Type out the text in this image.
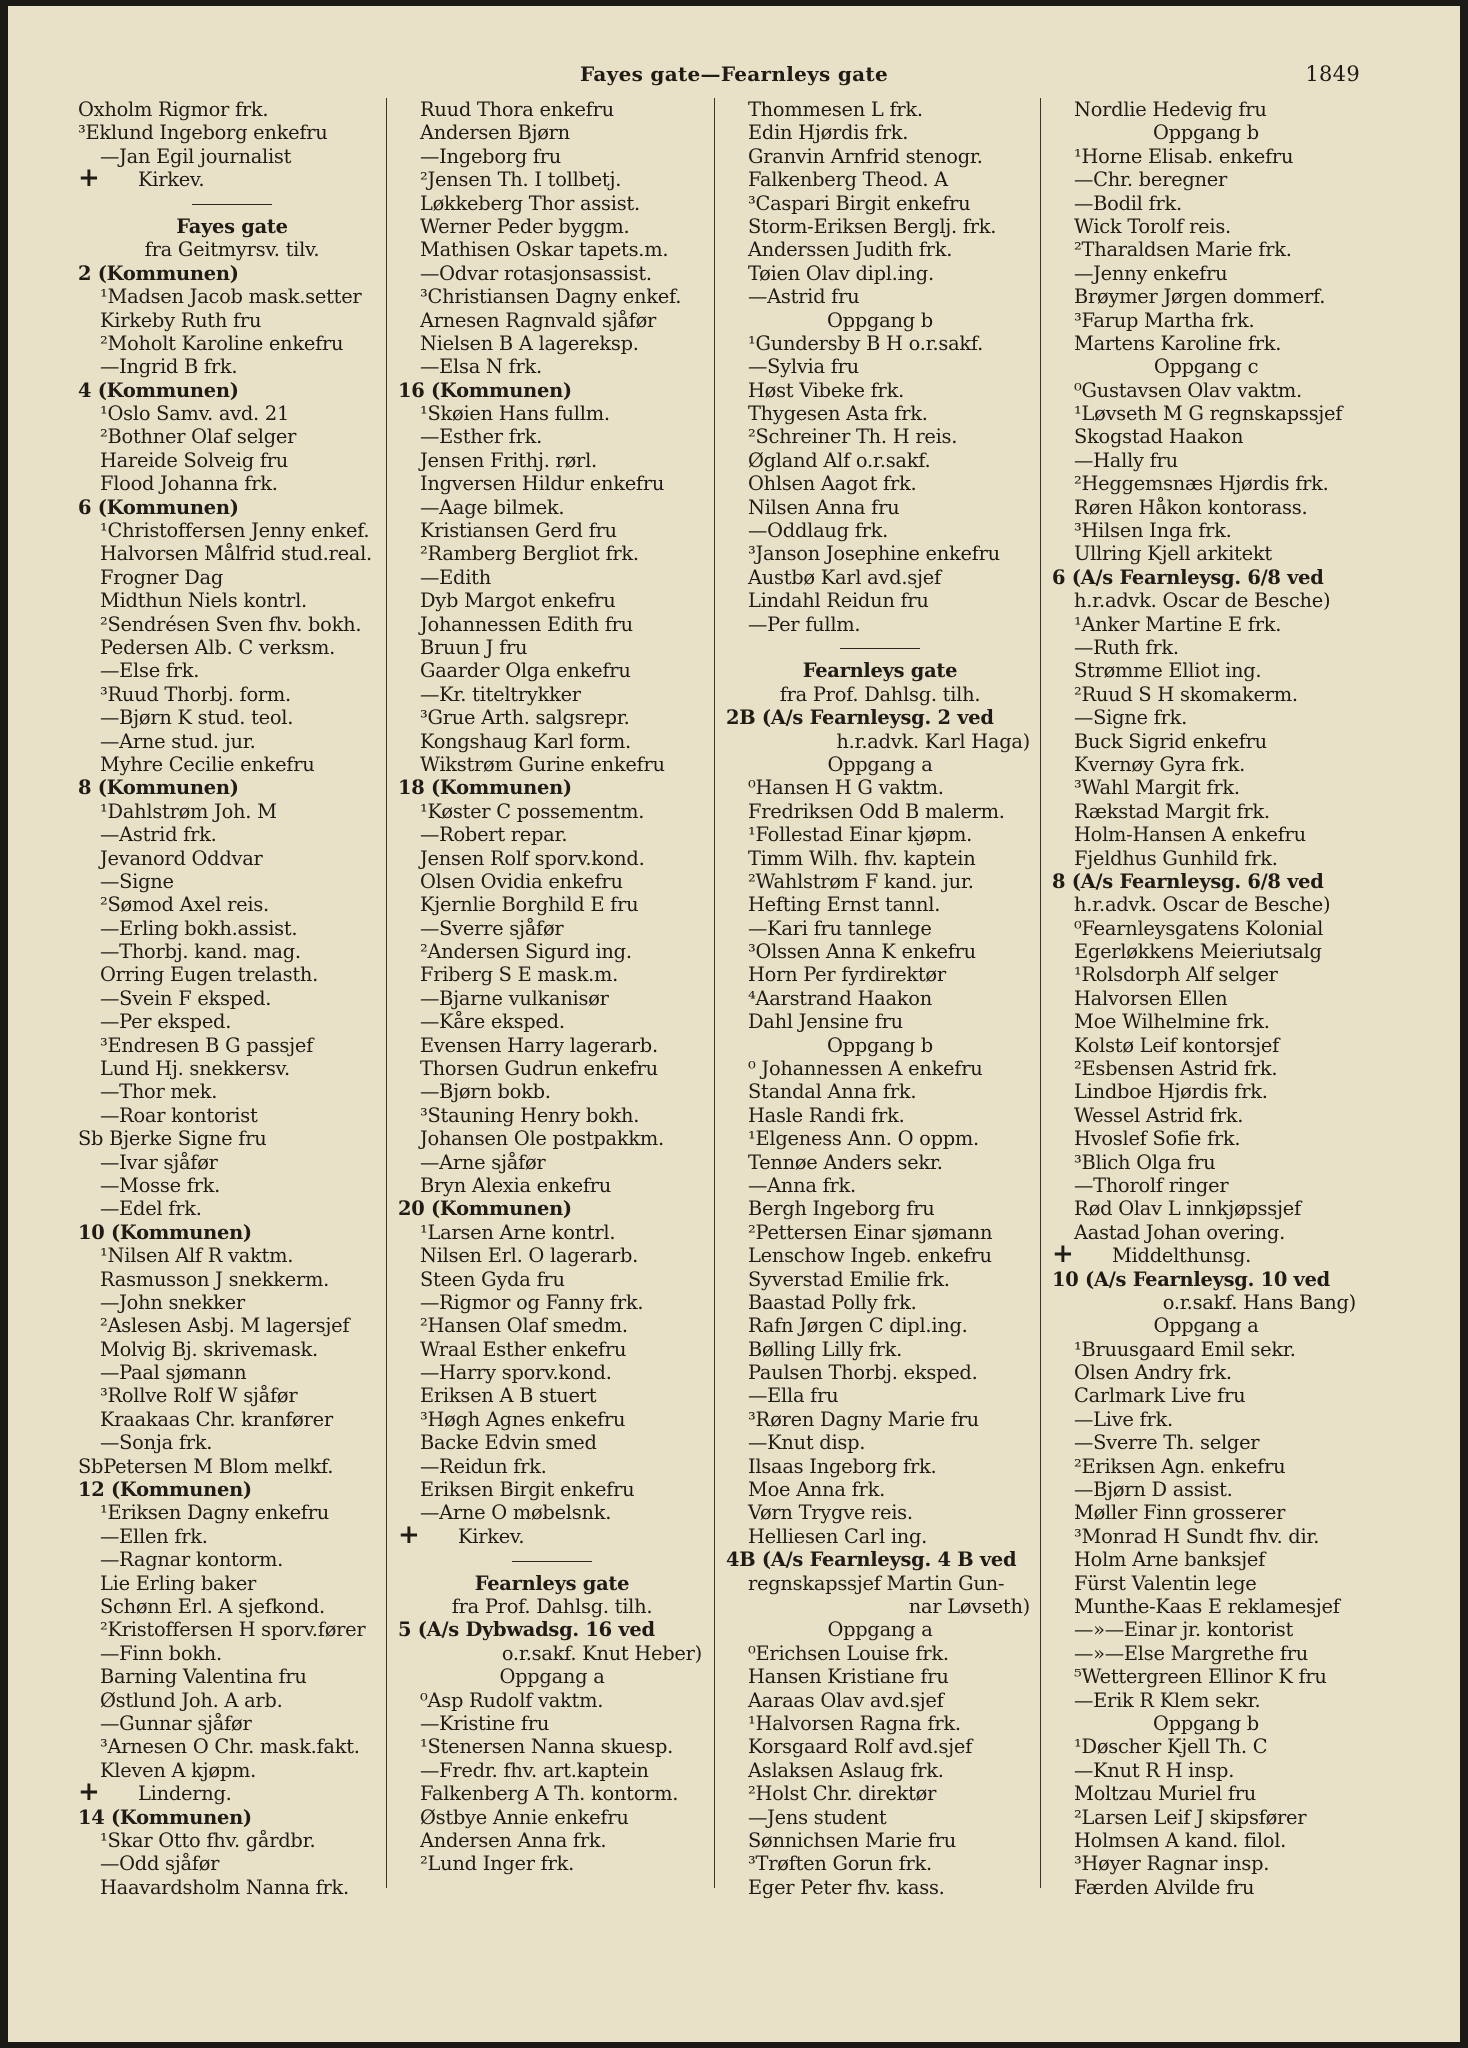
Fayes gate—Fearnleys gate	1849
Oxholm Rigmor frk.
³Eklund Ingeborg enkefru
—Jan Egil journalist
+ Kirkev.
Fayes gate
fra Geitmyrsv. tilv.
2 (Kommunen)
¹Madsen Jacob mask.setter
Kirkeby Ruth fru
²Moholt Karoline enkefru
—Ingrid B frk.
4 (Kommunen)
¹Oslo Samv. avd. 21
²Bothner Olaf selger
Hareide Solveig fru
Flood Johanna frk.
6 (Kommunen)
¹Christoffersen Jenny enkef.
Halvorsen Målfrid stud.real.
Frogner Dag
Midthun Niels kontrl.
²Sendrésen Sven fhv. bokh.
Pedersen Alb. C verksm.
—Else frk.
³Ruud Thorbj. form.
—Bjørn K stud. teol.
—Arne stud. jur.
Myhre Cecilie enkefru
8 (Kommunen)
¹Dahlstrøm Joh. M
—Astrid frk.
Jevanord Oddvar
—Signe
²Sømod Axel reis.
—Erling bokh.assist.
—Thorbj. kand. mag.
Orring Eugen trelasth.
—Svein F eksped.
—Per eksped.
³Endresen B G passjef
Lund Hj. snekkersv.
—Thor mek.
—Roar kontorist
Sb Bjerke Signe fru
—Ivar sjåfør
—Mosse frk.
—Edel frk.
10 (Kommunen)
¹Nilsen Alf R vaktm.
Rasmusson J snekkerm.
—John snekker
²Aslesen Asbj. M lagersjef
Molvig Bj. skrivemask.
—Paal sjømann
³Rollve Rolf W sjåfør
Kraakaas Chr. kranfører
—Sonja frk.
SbPetersen M Blom melkf.
12 (Kommunen)
¹Eriksen Dagny enkefru
—Ellen frk.
—Ragnar kontorm.
Lie Erling baker
Schønn Erl. A sjefkond.
²Kristoffersen H sporv.fører
—Finn bokh.
Barning Valentina fru
Østlund Joh. A arb.
—Gunnar sjåfør
³Arnesen O Chr. mask.fakt.
Kleven A kjøpm.
+ Linderng.
14 (Kommunen)
¹Skar Otto fhv. gårdbr.
—Odd sjåfør
Haavardsholm Nanna frk.
Ruud Thora enkefru
Andersen Bjørn
—Ingeborg fru
²Jensen Th. I tollbetj.
Løkkeberg Thor assist.
Werner Peder byggm.
Mathisen Oskar tapets.m.
—Odvar rotasjonsassist.
³Christiansen Dagny enkef.
Arnesen Ragnvald sjåfør
Nielsen B A lagereksp.
—Elsa N frk.
16 (Kommunen)
¹Skøien Hans fullm.
—Esther frk.
Jensen Frithj. rørl.
Ingversen Hildur enkefru
—Aage bilmek.
Kristiansen Gerd fru
²Ramberg Bergliot frk.
—Edith
Dyb Margot enkefru
Johannessen Edith fru
Bruun J fru
Gaarder Olga enkefru
—Kr. titeltrykker
³Grue Arth. salgsrepr.
Kongshaug Karl form.
Wikstrøm Gurine enkefru
18 (Kommunen)
¹Køster C possementm.
—Robert repar.
Jensen Rolf sporv.kond.
Olsen Ovidia enkefru
Kjernlie Borghild E fru
—Sverre sjåfør
²Andersen Sigurd ing.
Friberg S E mask.m.
—Bjarne vulkanisør
—Kåre eksped.
Evensen Harry lagerarb.
Thorsen Gudrun enkefru
—Bjørn bokb.
³Stauning Henry bokh.
Johansen Ole postpakkm.
—Arne sjåfør
Bryn Alexia enkefru
20 (Kommunen)
¹Larsen Arne kontrl.
Nilsen Erl. O lagerarb.
Steen Gyda fru
—Rigmor og Fanny frk.
²Hansen Olaf smedm.
Wraal Esther enkefru
—Harry sporv.kond.
Eriksen A B stuert
³Høgh Agnes enkefru
Backe Edvin smed
—Reidun frk.
Eriksen Birgit enkefru
—Arne O møbelsnk.
+ Kirkev.
Fearnleys gate
fra Prof. Dahlsg. tilh.
5 (A/s Dybwadsg. 16 ved
o.r.sakf. Knut Heber)
Oppgang a
⁰Asp Rudolf vaktm.
—Kristine fru
¹Stenersen Nanna skuesp.
—Fredr. fhv. art.kaptein
Falkenberg A Th. kontorm.
Østbye Annie enkefru
Andersen Anna frk.
²Lund Inger frk.
Thommesen L frk.
Edin Hjørdis frk.
Granvin Arnfrid stenogr.
Falkenberg Theod. A
³Caspari Birgit enkefru
Storm-Eriksen Berglj. frk.
Anderssen Judith frk.
Tøien Olav dipl.ing.
—Astrid fru
Oppgang b
¹Gundersby B H o.r.sakf.
—Sylvia fru
Høst Vibeke frk.
Thygesen Asta frk.
²Schreiner Th. H reis.
Øgland Alf o.r.sakf.
Ohlsen Aagot frk.
Nilsen Anna fru
—Oddlaug frk.
³Janson Josephine enkefru
Austbø Karl avd.sjef
Lindahl Reidun fru
—Per fullm.
Fearnleys gate
fra Prof. Dahlsg. tilh.
2B (A/s Fearnleysg. 2 ved
h.r.advk. Karl Haga)
Oppgang a
⁰Hansen H G vaktm.
Fredriksen Odd B malerm.
¹Follestad Einar kjøpm.
Timm Wilh. fhv. kaptein
²Wahlstrøm F kand. jur.
Hefting Ernst tannl.
—Kari fru tannlege
³Olssen Anna K enkefru
Horn Per fyrdirektør
⁴Aarstrand Haakon
Dahl Jensine fru
Oppgang b
⁰ Johannessen A enkefru
Standal Anna frk.
Hasle Randi frk.
¹Elgeness Ann. O oppm.
Tennøe Anders sekr.
—Anna frk.
Bergh Ingeborg fru
²Pettersen Einar sjømann
Lenschow Ingeb. enkefru
Syverstad Emilie frk.
Baastad Polly frk.
Rafn Jørgen C dipl.ing.
Bølling Lilly frk.
Paulsen Thorbj. eksped.
—Ella fru
³Røren Dagny Marie fru
—Knut disp.
Ilsaas Ingeborg frk.
Moe Anna frk.
Vørn Trygve reis.
Helliesen Carl ing.
4B (A/s Fearnleysg. 4 B ved
regnskapssjef Martin Gun-
nar Løvseth)
Oppgang a
⁰Erichsen Louise frk.
Hansen Kristiane fru
Aaraas Olav avd.sjef
¹Halvorsen Ragna frk.
Korsgaard Rolf avd.sjef
Aslaksen Aslaug frk.
²Holst Chr. direktør
—Jens student
Sønnichsen Marie fru
³Trøften Gorun frk.
Eger Peter fhv. kass.
Nordlie Hedevig fru
Oppgang b
¹Horne Elisab. enkefru
—Chr. beregner
—Bodil frk.
Wick Torolf reis.
²Tharaldsen Marie frk.
—Jenny enkefru
Brøymer Jørgen dommerf.
³Farup Martha frk.
Martens Karoline frk.
Oppgang c
⁰Gustavsen Olav vaktm.
¹Løvseth M G regnskapssjef
Skogstad Haakon
—Hally fru
²Heggemsnæs Hjørdis frk.
Røren Håkon kontorass.
³Hilsen Inga frk.
Ullring Kjell arkitekt
6 (A/s Fearnleysg. 6/8 ved
h.r.advk. Oscar de Besche)
¹Anker Martine E frk.
—Ruth frk.
Strømme Elliot ing.
²Ruud S H skomakerm.
—Signe frk.
Buck Sigrid enkefru
Kvernøy Gyra frk.
³Wahl Margit frk.
Rækstad Margit frk.
Holm-Hansen A enkefru
Fjeldhus Gunhild frk.
8 (A/s Fearnleysg. 6/8 ved
h.r.advk. Oscar de Besche)
⁰Fearnleysgatens Kolonial
Egerløkkens Meieriutsalg
¹Rolsdorph Alf selger
Halvorsen Ellen
Moe Wilhelmine frk.
Kolstø Leif kontorsjef
²Esbensen Astrid frk.
Lindboe Hjørdis frk.
Wessel Astrid frk.
Hvoslef Sofie frk.
³Blich Olga fru
—Thorolf ringer
Rød Olav L innkjøpssjef
Aastad Johan overing.
+ Middelthunsg.
10 (A/s Fearnleysg. 10 ved
o.r.sakf. Hans Bang)
Oppgang a
¹Bruusgaard Emil sekr.
Olsen Andry frk.
Carlmark Live fru
—Live frk.
—Sverre Th. selger
²Eriksen Agn. enkefru
—Bjørn D assist.
Møller Finn grosserer
³Monrad H Sundt fhv. dir.
Holm Arne banksjef
Fürst Valentin lege
Munthe-Kaas E reklamesjef
—»—Einar jr. kontorist
—»—Else Margrethe fru
⁵Wettergreen Ellinor K fru
—Erik R Klem sekr.
Oppgang b
¹Døscher Kjell Th. C
—Knut R H insp.
Moltzau Muriel fru
²Larsen Leif J skipsfører
Holmsen A kand. filol.
³Høyer Ragnar insp.
Færden Alvilde fru
